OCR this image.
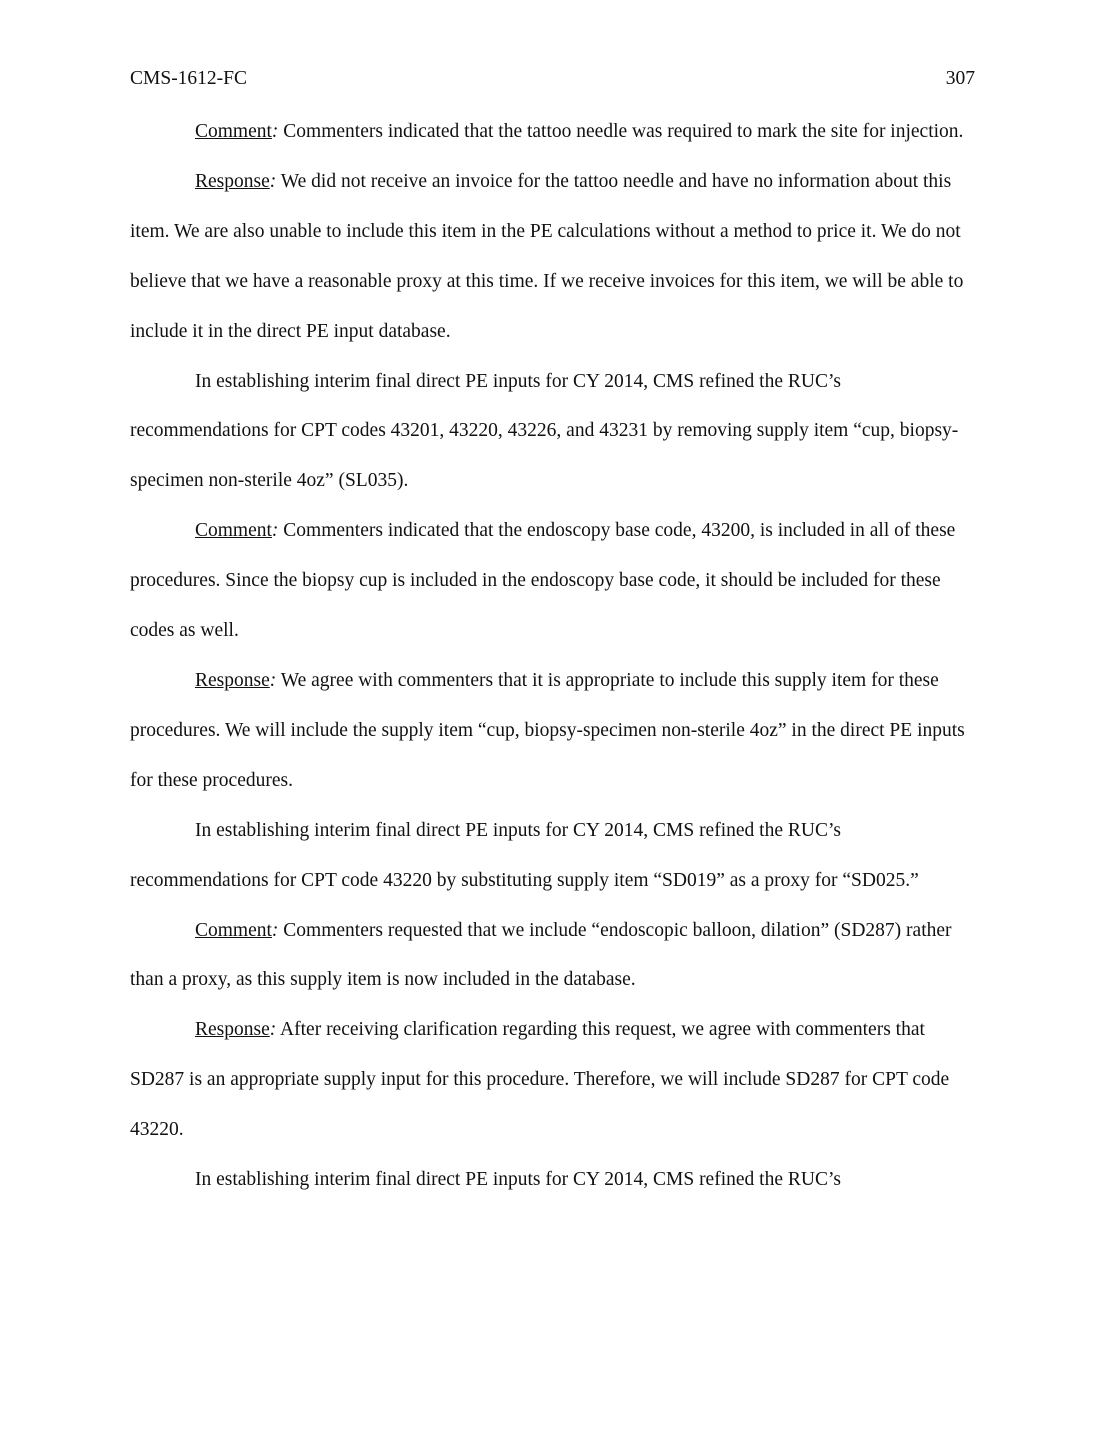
CMS-1612-FC	307

Comment: Commenters indicated that the tattoo needle was required to mark the site for injection.

Response: We did not receive an invoice for the tattoo needle and have no information about this item. We are also unable to include this item in the PE calculations without a method to price it. We do not believe that we have a reasonable proxy at this time. If we receive invoices for this item, we will be able to include it in the direct PE input database.

In establishing interim final direct PE inputs for CY 2014, CMS refined the RUC’s recommendations for CPT codes 43201, 43220, 43226, and 43231 by removing supply item “cup, biopsy-specimen non-sterile 4oz” (SL035).

Comment: Commenters indicated that the endoscopy base code, 43200, is included in all of these procedures. Since the biopsy cup is included in the endoscopy base code, it should be included for these codes as well.

Response: We agree with commenters that it is appropriate to include this supply item for these procedures. We will include the supply item “cup, biopsy-specimen non-sterile 4oz” in the direct PE inputs for these procedures.

In establishing interim final direct PE inputs for CY 2014, CMS refined the RUC’s recommendations for CPT code 43220 by substituting supply item “SD019” as a proxy for “SD025.”

Comment: Commenters requested that we include “endoscopic balloon, dilation” (SD287) rather than a proxy, as this supply item is now included in the database.

Response: After receiving clarification regarding this request, we agree with commenters that SD287 is an appropriate supply input for this procedure. Therefore, we will include SD287 for CPT code 43220.

In establishing interim final direct PE inputs for CY 2014, CMS refined the RUC’s
